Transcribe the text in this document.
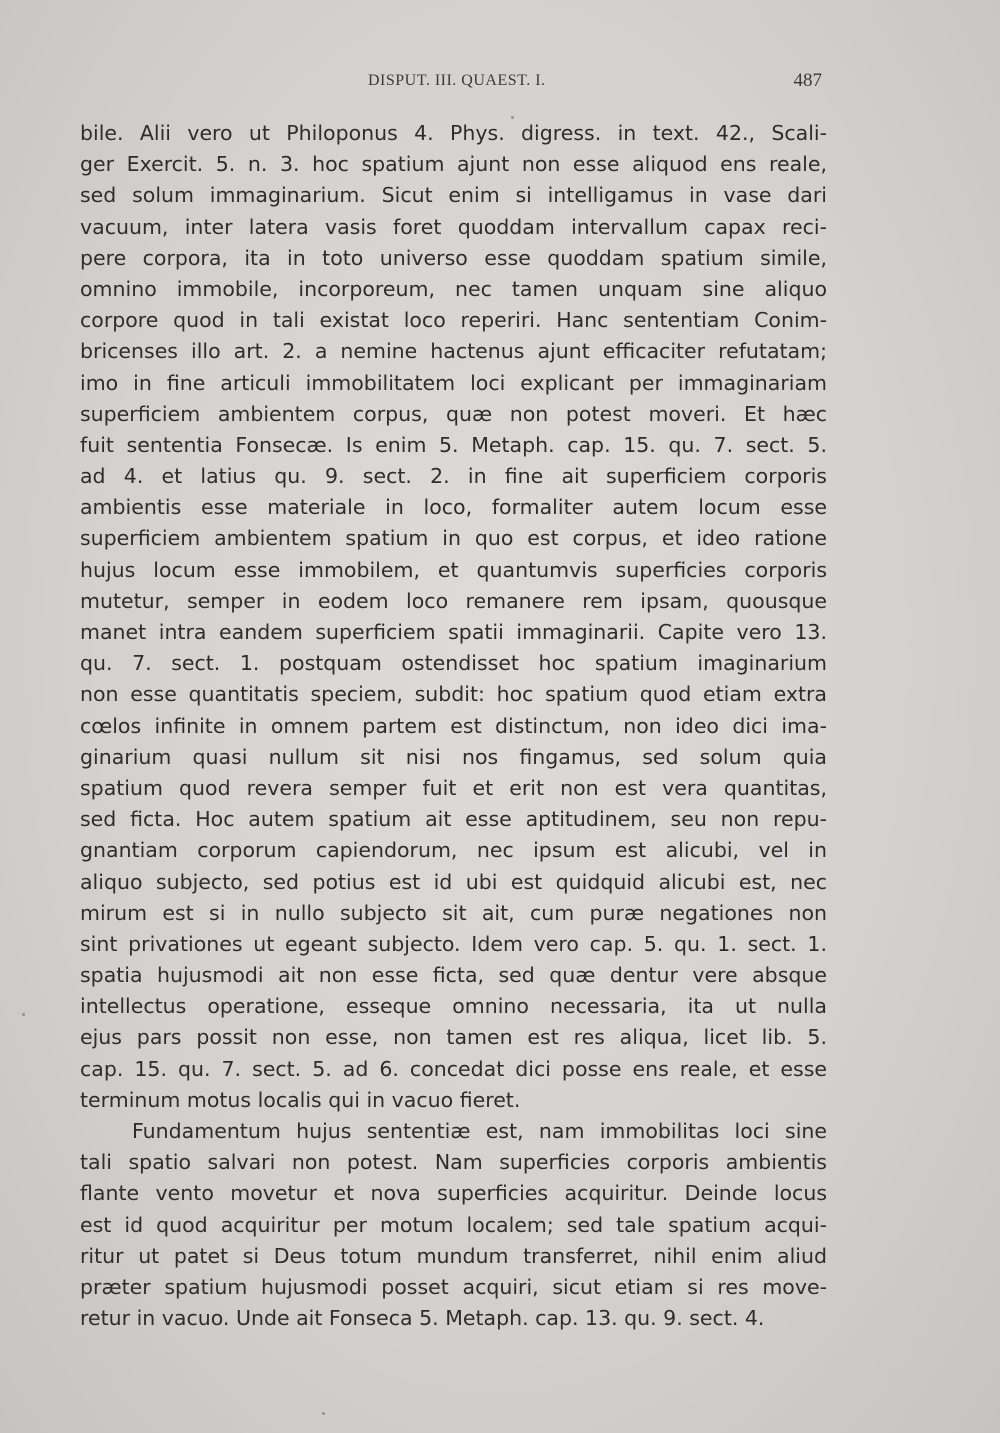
DISPUT. III. QUAEST. I.	487
bile. Alii vero ut Philoponus 4. Phys. digress. in text. 42., Scali-
ger Exercit. 5. n. 3. hoc spatium ajunt non esse aliquod ens reale,
sed solum immaginarium. Sicut enim si intelligamus in vase dari
vacuum, inter latera vasis foret quoddam intervallum capax reci-
pere corpora, ita in toto universo esse quoddam spatium simile,
omnino immobile, incorporeum, nec tamen unquam sine aliquo
corpore quod in tali existat loco reperiri. Hanc sententiam Conim-
bricenses illo art. 2. a nemine hactenus ajunt efficaciter refutatam;
imo in fine articuli immobilitatem loci explicant per immaginariam
superficiem ambientem corpus, quæ non potest moveri. Et hæc
fuit sententia Fonsecæ. Is enim 5. Metaph. cap. 15. qu. 7. sect. 5.
ad 4. et latius qu. 9. sect. 2. in fine ait superficiem corporis
ambientis esse materiale in loco, formaliter autem locum esse
superficiem ambientem spatium in quo est corpus, et ideo ratione
hujus locum esse immobilem, et quantumvis superficies corporis
mutetur, semper in eodem loco remanere rem ipsam, quousque
manet intra eandem superficiem spatii immaginarii. Capite vero 13.
qu. 7. sect. 1. postquam ostendisset hoc spatium imaginarium
non esse quantitatis speciem, subdit: hoc spatium quod etiam extra
cœlos infinite in omnem partem est distinctum, non ideo dici ima-
ginarium quasi nullum sit nisi nos fingamus, sed solum quia
spatium quod revera semper fuit et erit non est vera quantitas,
sed ficta. Hoc autem spatium ait esse aptitudinem, seu non repu-
gnantiam corporum capiendorum, nec ipsum est alicubi, vel in
aliquo subjecto, sed potius est id ubi est quidquid alicubi est, nec
mirum est si in nullo subjecto sit ait, cum puræ negationes non
sint privationes ut egeant subjecto. Idem vero cap. 5. qu. 1. sect. 1.
spatia hujusmodi ait non esse ficta, sed quæ dentur vere absque
intellectus operatione, esseque omnino necessaria, ita ut nulla
ejus pars possit non esse, non tamen est res aliqua, licet lib. 5.
cap. 15. qu. 7. sect. 5. ad 6. concedat dici posse ens reale, et esse
terminum motus localis qui in vacuo fieret.
Fundamentum hujus sententiæ est, nam immobilitas loci sine
tali spatio salvari non potest. Nam superficies corporis ambientis
flante vento movetur et nova superficies acquiritur. Deinde locus
est id quod acquiritur per motum localem; sed tale spatium acqui-
ritur ut patet si Deus totum mundum transferret, nihil enim aliud
præter spatium hujusmodi posset acquiri, sicut etiam si res move-
retur in vacuo. Unde ait Fonseca 5. Metaph. cap. 13. qu. 9. sect. 4.
